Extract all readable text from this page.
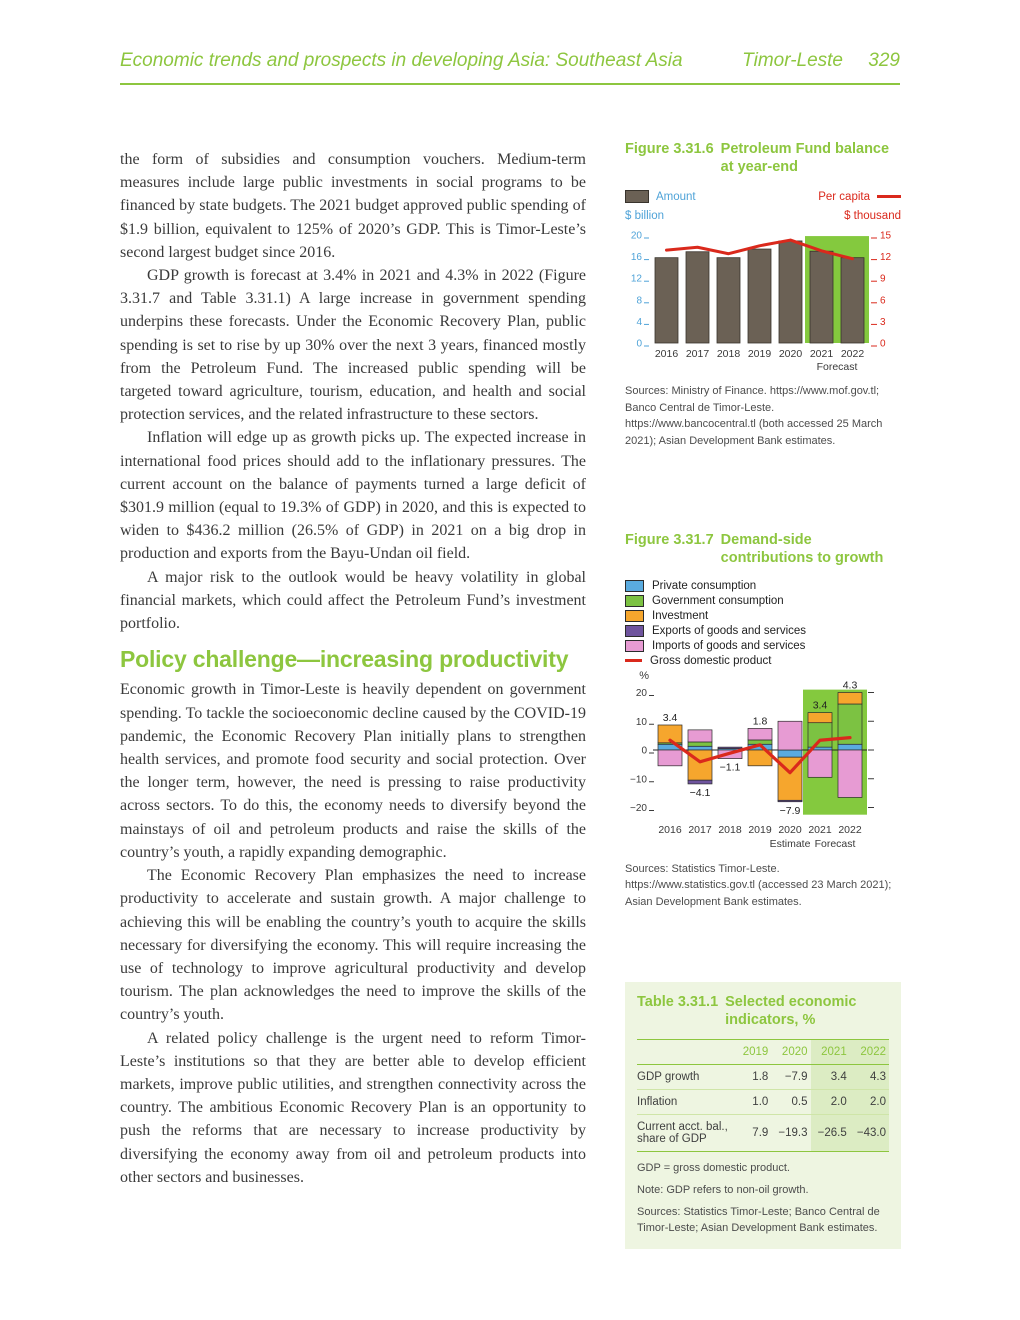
Economic trends and prospects in developing Asia: Southeast Asia	Timor-Leste 329

the form of subsidies and consumption vouchers. Medium-term measures include large public investments in social programs to be financed by state budgets. The 2021 budget approved public spending of $1.9 billion, equivalent to 125% of 2020’s GDP. This is Timor-Leste’s second largest budget since 2016.

GDP growth is forecast at 3.4% in 2021 and 4.3% in 2022 (Figure 3.31.7 and Table 3.31.1) A large increase in government spending underpins these forecasts. Under the Economic Recovery Plan, public spending is set to rise by up 30% over the next 3 years, financed mostly from the Petroleum Fund. The increased public spending will be targeted toward agriculture, tourism, education, and health and social protection services, and the related infrastructure to these sectors.

Inflation will edge up as growth picks up. The expected increase in international food prices should add to the inflationary pressures. The current account on the balance of payments turned a large deficit of $301.9 million (equal to 19.3% of GDP) in 2020, and this is expected to widen to $436.2 million (26.5% of GDP) in 2021 on a big drop in production and exports from the Bayu-Undan oil field.

A major risk to the outlook would be heavy volatility in global financial markets, which could affect the Petroleum Fund’s investment portfolio.

Policy challenge—increasing productivity

Economic growth in Timor-Leste is heavily dependent on government spending. To tackle the socioeconomic decline caused by the COVID-19 pandemic, the Economic Recovery Plan initially plans to strengthen health services, and promote food security and social protection. Over the longer term, however, the need is pressing to raise productivity across sectors. To do this, the economy needs to diversify beyond the mainstays of oil and petroleum products and raise the skills of the country’s youth, a rapidly expanding demographic.

The Economic Recovery Plan emphasizes the need to increase productivity to accelerate and sustain growth. A major challenge to achieving this will be enabling the country’s youth to acquire the skills necessary for diversifying the economy. This will require increasing the use of technology to improve agricultural productivity and develop tourism. The plan acknowledges the need to improve the skills of the country’s youth.

A related policy challenge is the urgent need to reform Timor-Leste’s institutions so that they are better able to develop efficient markets, improve public utilities, and strengthen connectivity across the country. The ambitious Economic Recovery Plan is an opportunity to push the reforms that are necessary to increase productivity by diversifying the economy away from oil and petroleum products into other sectors and businesses.

Figure 3.31.6 Petroleum Fund balance at year-end
Amount	Per capita
$ billion	$ thousand
20
16
12
8
4
0
15
12
9
6
3
0
2016 2017 2018 2019 2020 2021 2022
Forecast

Sources: Ministry of Finance. https://www.mof.gov.tl; Banco Central de Timor-Leste. https://www.bancocentral.tl (both accessed 25 March 2021); Asian Development Bank estimates.

Figure 3.31.7 Demand-side contributions to growth
Private consumption
Government consumption
Investment
Exports of goods and services
Imports of goods and services
Gross domestic product
%
20
10
0
−10
−20
3.4
−4.1
−1.1
1.8
−7.9
3.4
4.3
2016 2017 2018 2019 2020 2021 2022
Estimate Forecast

Sources: Statistics Timor-Leste. https://www.statistics.gov.tl (accessed 23 March 2021); Asian Development Bank estimates.

Table 3.31.1 Selected economic indicators, %
	2019	2020	2021	2022
GDP growth	1.8	−7.9	3.4	4.3
Inflation	1.0	0.5	2.0	2.0
Current acct. bal., share of GDP	7.9	−19.3	−26.5	−43.0

GDP = gross domestic product.

Note: GDP refers to non-oil growth.

Sources: Statistics Timor-Leste; Banco Central de Timor-Leste; Asian Development Bank estimates.
